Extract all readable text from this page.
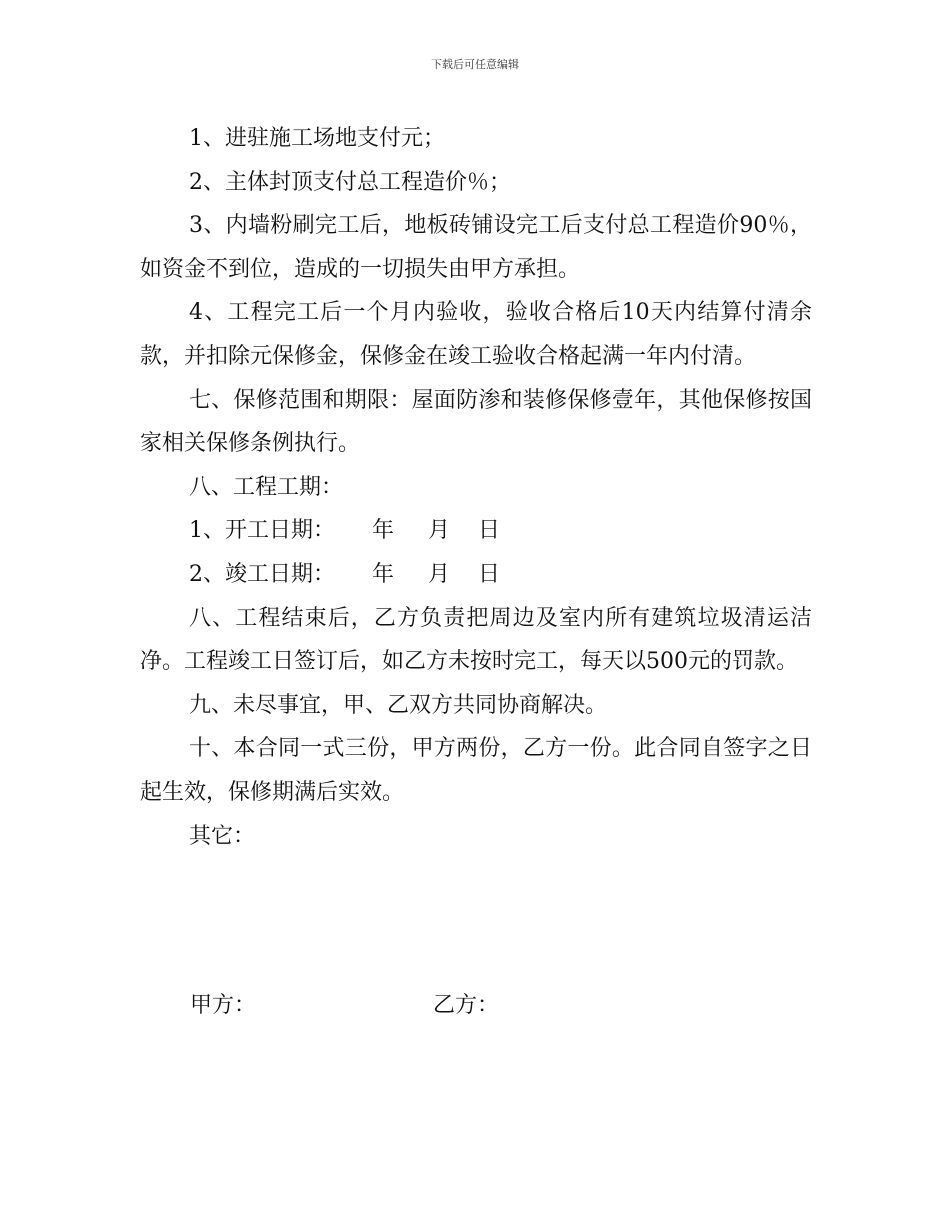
下载后可任意编辑

1、进驻施工场地支付元；

2、主体封顶支付总工程造价％；

3、内墙粉刷完工后，地板砖铺设完工后支付总工程造价90％，如资金不到位，造成的一切损失由甲方承担。

4、工程完工后一个月内验收，验收合格后10天内结算付清余款，并扣除元保修金，保修金在竣工验收合格起满一年内付清。

七、保修范围和期限：屋面防渗和装修保修壹年，其他保修按国家相关保修条例执行。

八、工程工期：

1、开工日期： 年 月 日

2、竣工日期： 年 月 日

八、工程结束后，乙方负责把周边及室内所有建筑垃圾清运洁净。工程竣工日签订后，如乙方未按时完工，每天以500元的罚款。

九、未尽事宜，甲、乙双方共同协商解决。

十、本合同一式三份，甲方两份，乙方一份。此合同自签字之日起生效，保修期满后实效。

其它：

甲方：	乙方：
